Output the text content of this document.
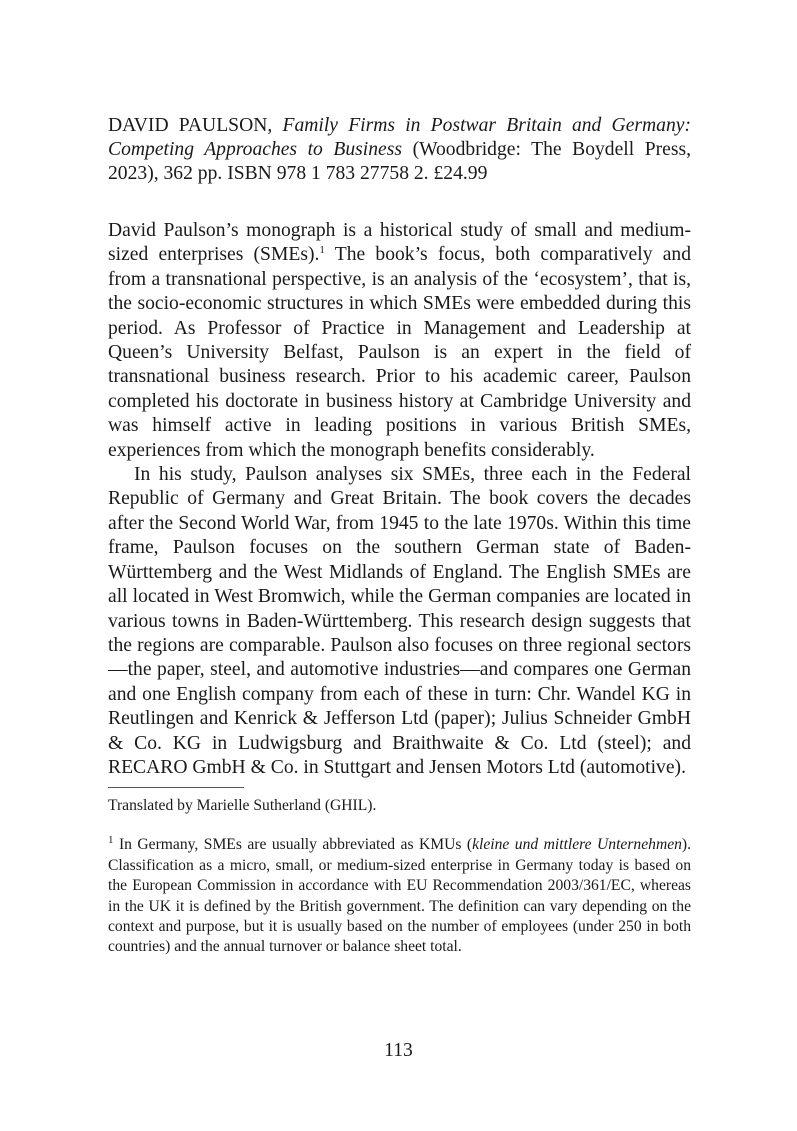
DAVID PAULSON, Family Firms in Postwar Britain and Germany: Competing Approaches to Business (Woodbridge: The Boydell Press, 2023), 362 pp. ISBN 978 1 783 27758 2. £24.99

David Paulson’s monograph is a historical study of small and medium-sized enterprises (SMEs).$^1$ The book’s focus, both comparatively and from a transnational perspective, is an analysis of the ‘ecosystem’, that is, the socio-economic structures in which SMEs were embedded during this period. As Professor of Practice in Management and Leadership at Queen’s University Belfast, Paulson is an expert in the field of transnational business research. Prior to his academic career, Paulson completed his doctorate in business history at Cambridge University and was himself active in leading positions in various British SMEs, experiences from which the monograph benefits considerably.

In his study, Paulson analyses six SMEs, three each in the Federal Republic of Germany and Great Britain. The book covers the decades after the Second World War, from 1945 to the late 1970s. Within this time frame, Paulson focuses on the southern German state of Baden-Württemberg and the West Midlands of England. The English SMEs are all located in West Bromwich, while the German companies are located in various towns in Baden-Württemberg. This research design suggests that the regions are comparable. Paulson also focuses on three regional sectors—the paper, steel, and automotive industries—and compares one German and one English company from each of these in turn: Chr. Wandel KG in Reutlingen and Kenrick & Jefferson Ltd (paper); Julius Schneider GmbH & Co. KG in Ludwigsburg and Braithwaite & Co. Ltd (steel); and RECARO GmbH & Co. in Stuttgart and Jensen Motors Ltd (automotive).

Translated by Marielle Sutherland (GHIL).
$^1$ In Germany, SMEs are usually abbreviated as KMUs (kleine und mittlere Unternehmen). Classification as a micro, small, or medium-sized enterprise in Germany today is based on the European Commission in accordance with EU Recommendation 2003/361/EC, whereas in the UK it is defined by the British government. The definition can vary depending on the context and purpose, but it is usually based on the number of employees (under 250 in both countries) and the annual turnover or balance sheet total.
113
